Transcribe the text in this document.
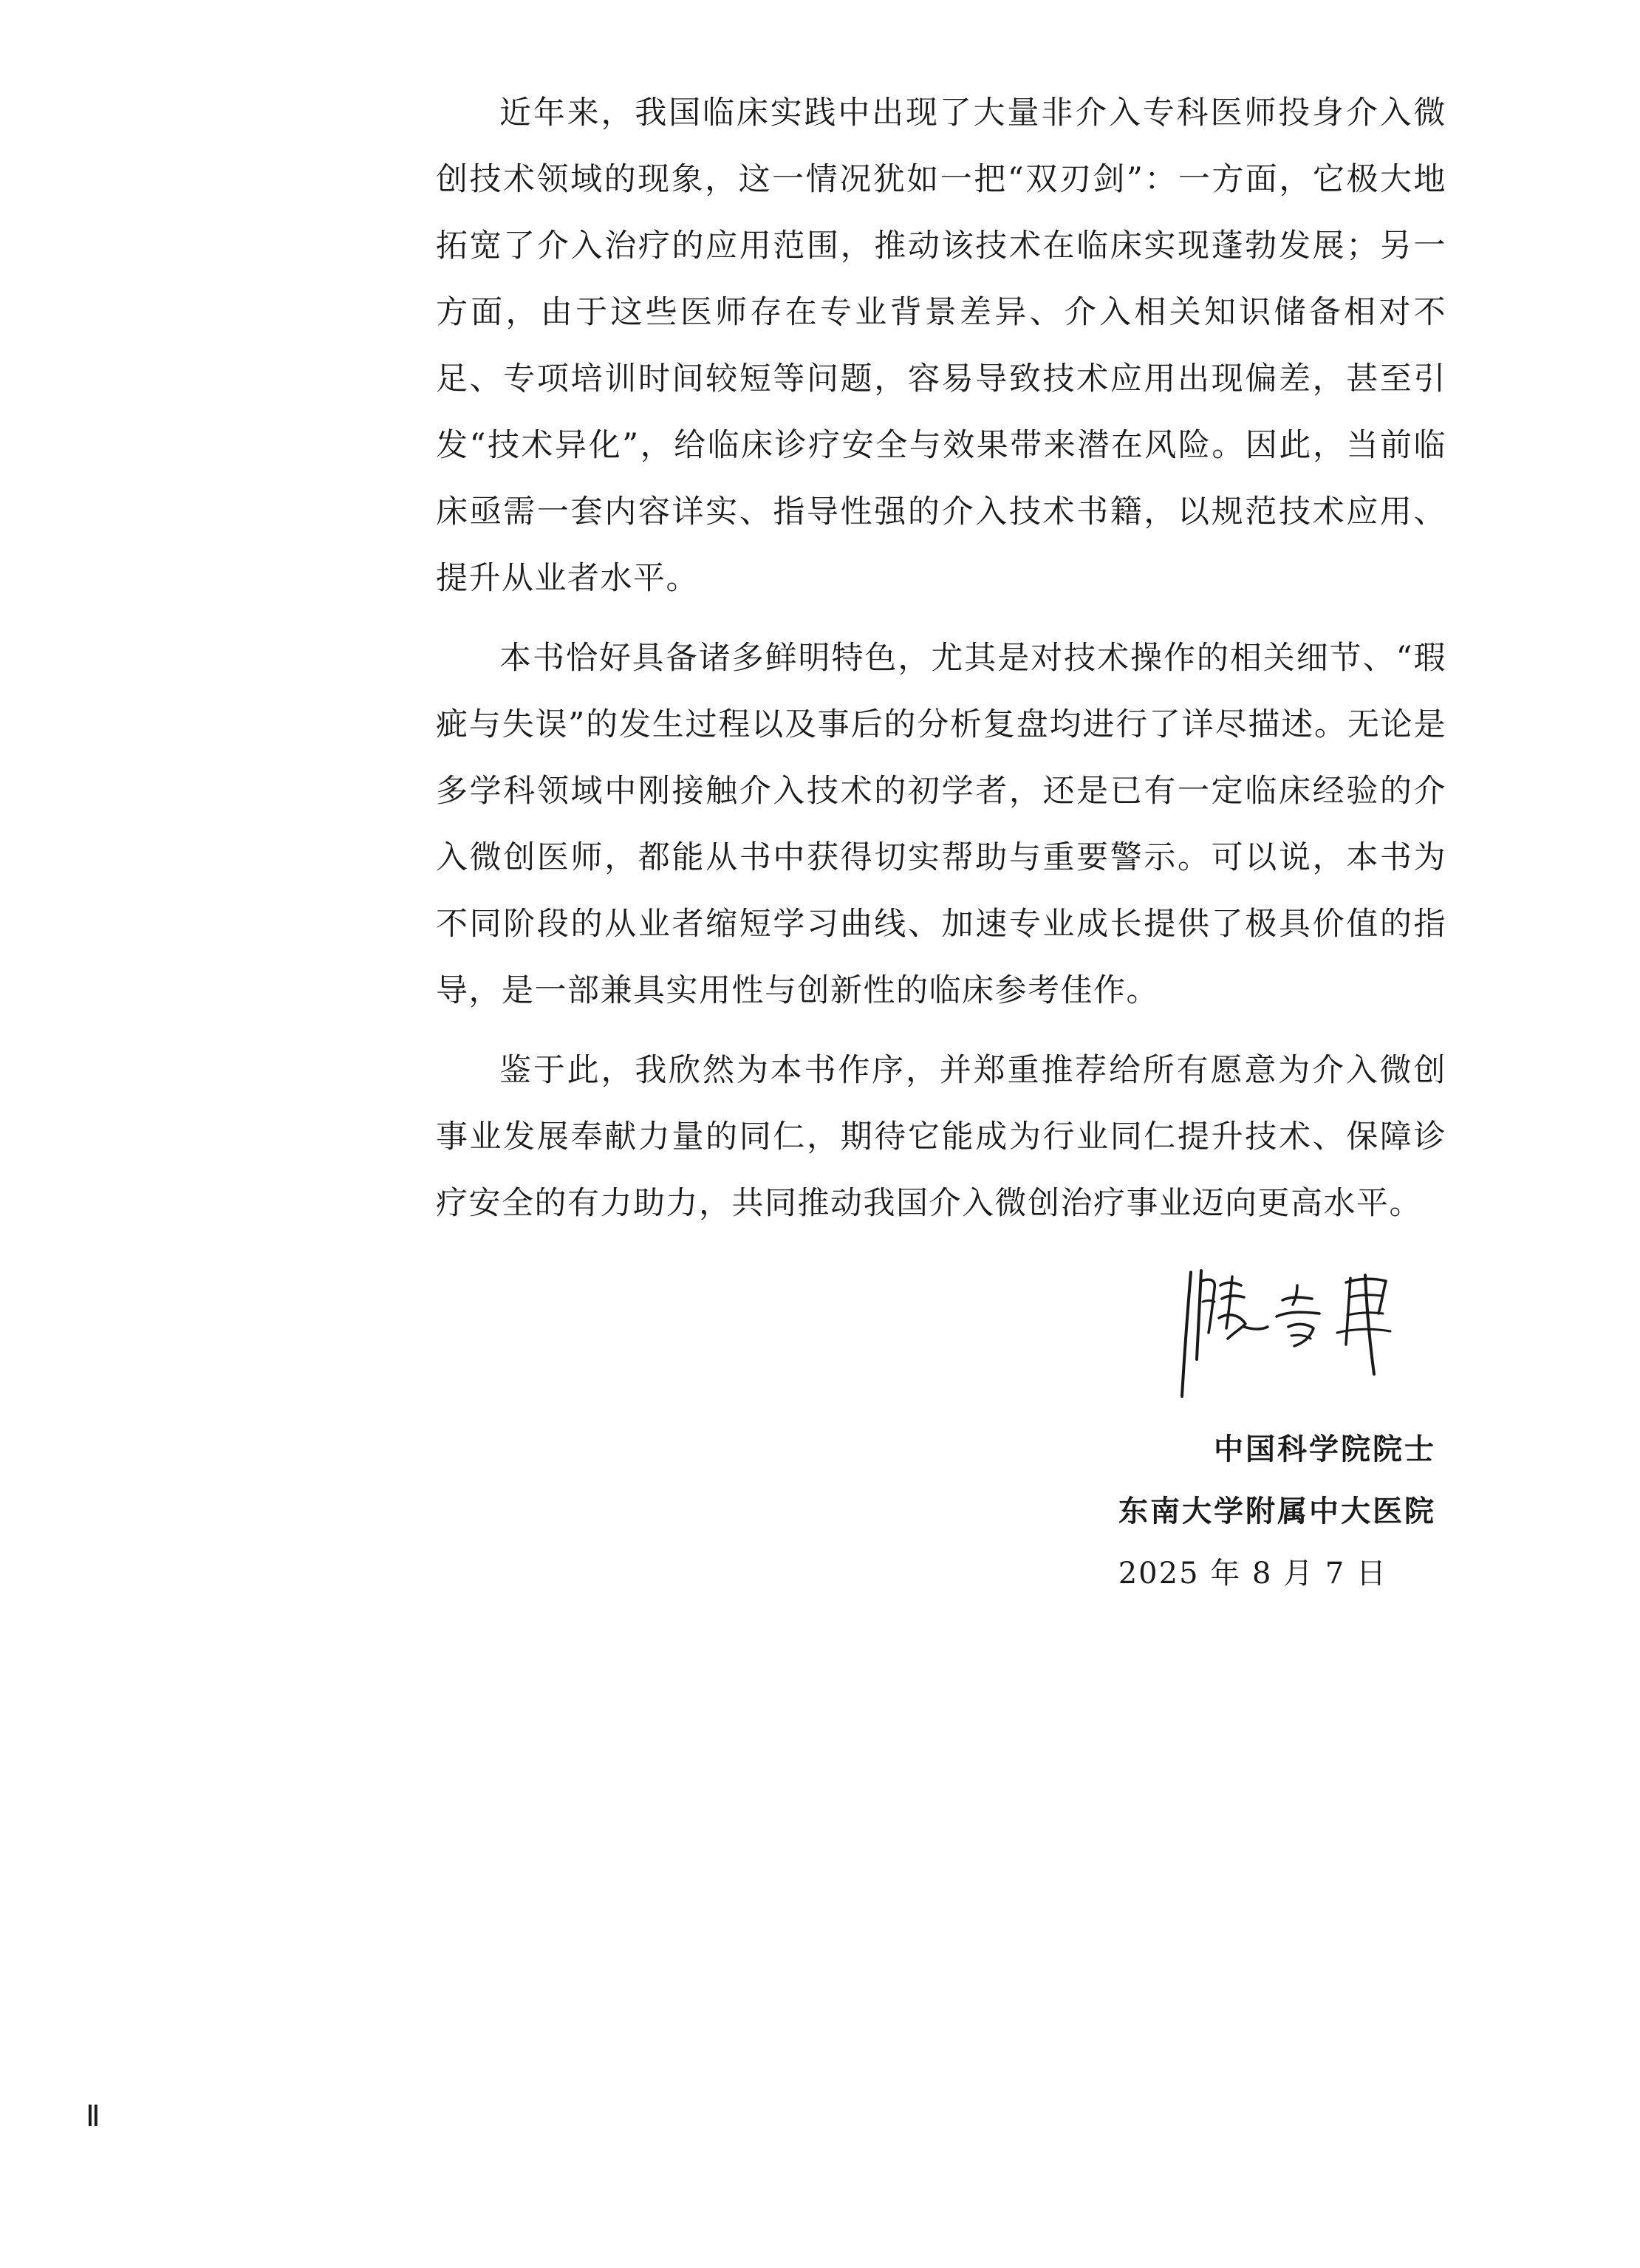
近年来，我国临床实践中出现了大量非介入专科医师投身介入微创技术领域的现象，这一情况犹如一把“双刃剑”：一方面，它极大地拓宽了介入治疗的应用范围，推动该技术在临床实现蓬勃发展；另一方面，由于这些医师存在专业背景差异、介入相关知识储备相对不足、专项培训时间较短等问题，容易导致技术应用出现偏差，甚至引发“技术异化”，给临床诊疗安全与效果带来潜在风险。因此，当前临床亟需一套内容详实、指导性强的介入技术书籍，以规范技术应用、提升从业者水平。

本书恰好具备诸多鲜明特色，尤其是对技术操作的相关细节、“瑕疵与失误”的发生过程以及事后的分析复盘均进行了详尽描述。无论是多学科领域中刚接触介入技术的初学者，还是已有一定临床经验的介入微创医师，都能从书中获得切实帮助与重要警示。可以说，本书为不同阶段的从业者缩短学习曲线、加速专业成长提供了极具价值的指导，是一部兼具实用性与创新性的临床参考佳作。

鉴于此，我欣然为本书作序，并郑重推荐给所有愿意为介入微创事业发展奉献力量的同仁，期待它能成为行业同仁提升技术、保障诊疗安全的有力助力，共同推动我国介入微创治疗事业迈向更高水平。

中国科学院院士
东南大学附属中大医院
2025 年 8 月 7 日
Ⅱ
